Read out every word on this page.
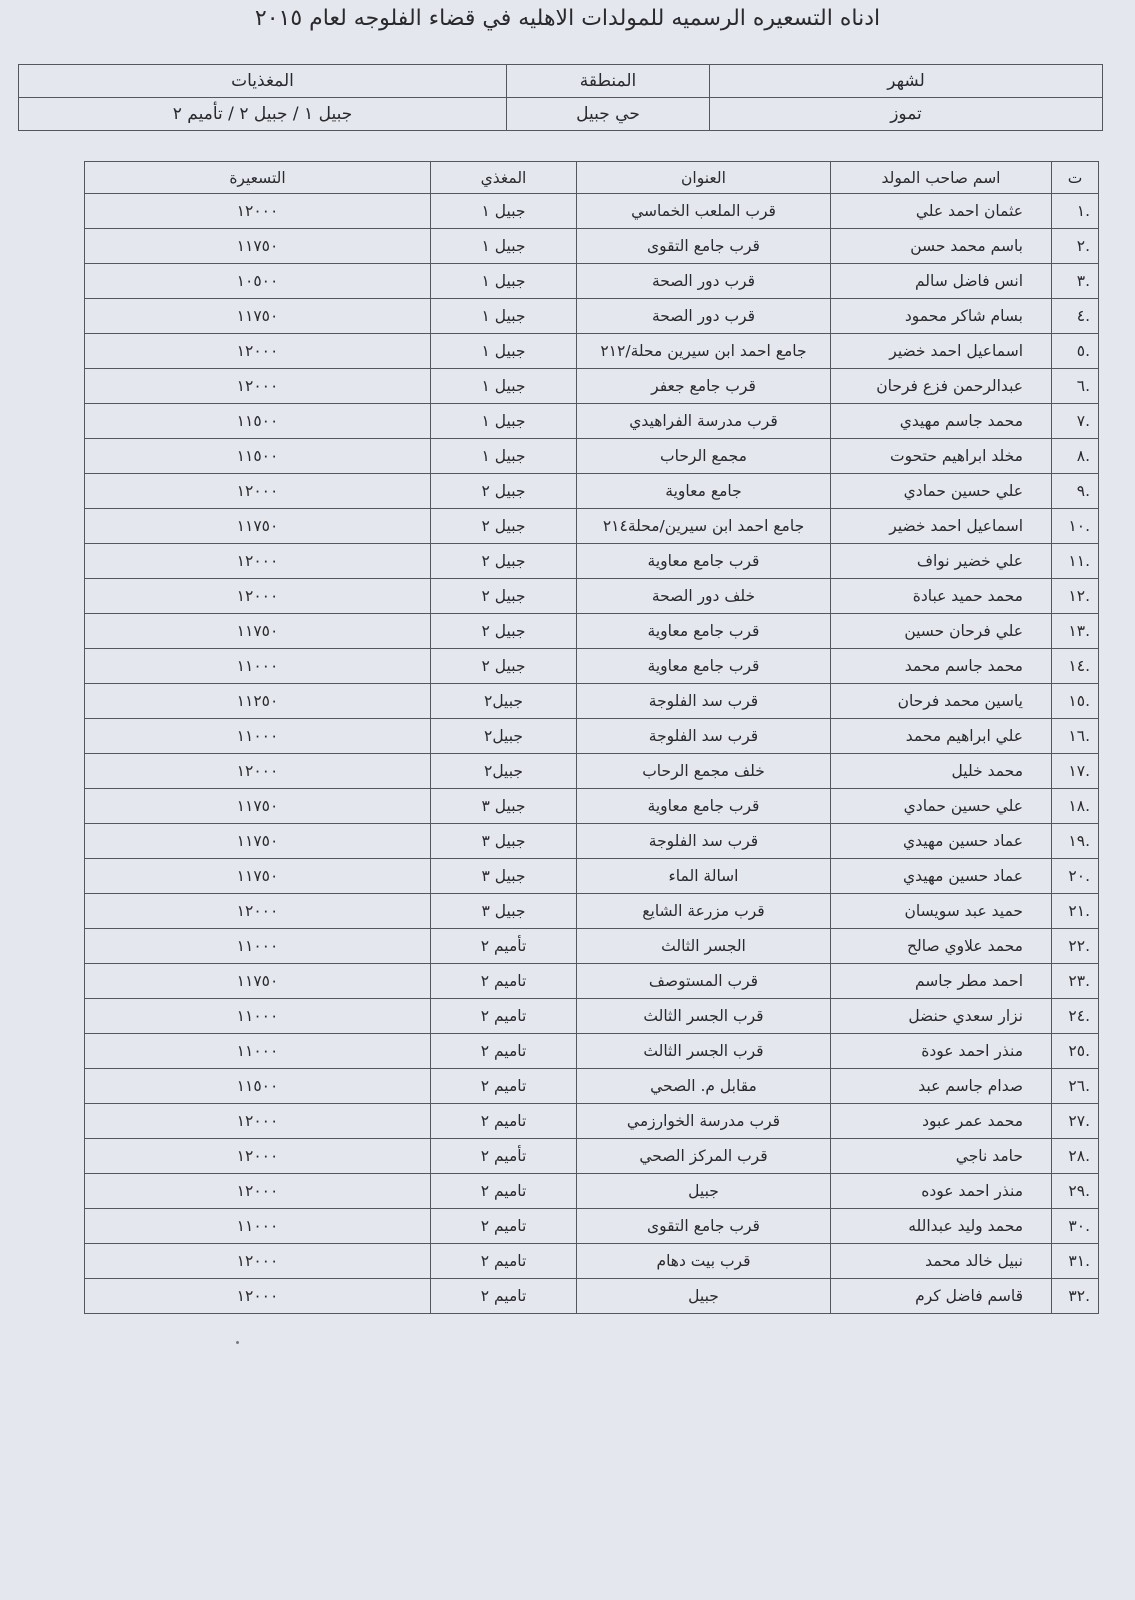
ادناه التسعيره الرسميه للمولدات الاهليه في قضاء الفلوجه لعام ٢٠١٥
لشهر	المنطقة	المغذيات
تموز	حي جبيل	جبيل ١ / جبيل ٢ / تأميم ٢
ت	اسم صاحب المولد	العنوان	المغذي	التسعيرة
.١	عثمان احمد علي	قرب الملعب الخماسي	جبيل ١	١٢٠٠٠
.٢	باسم محمد حسن	قرب جامع التقوى	جبيل ١	١١٧٥٠
.٣	انس فاضل سالم	قرب دور الصحة	جبيل ١	١٠٥٠٠
.٤	بسام شاكر محمود	قرب دور الصحة	جبيل ١	١١٧٥٠
.٥	اسماعيل احمد خضير	جامع احمد ابن سيرين محلة/٢١٢	جبيل ١	١٢٠٠٠
.٦	عبدالرحمن فزع فرحان	قرب جامع جعفر	جبيل ١	١٢٠٠٠
.٧	محمد جاسم مهيدي	قرب مدرسة الفراهيدي	جبيل ١	١١٥٠٠
.٨	مخلد ابراهيم حتحوت	مجمع الرحاب	جبيل ١	١١٥٠٠
.٩	علي حسين حمادي	جامع معاوية	جبيل ٢	١٢٠٠٠
.١٠	اسماعيل احمد خضير	جامع احمد ابن سيرين/محلة٢١٤	جبيل ٢	١١٧٥٠
.١١	علي خضير نواف	قرب جامع معاوية	جبيل ٢	١٢٠٠٠
.١٢	محمد حميد عبادة	خلف دور الصحة	جبيل ٢	١٢٠٠٠
.١٣	علي فرحان حسين	قرب جامع معاوية	جبيل ٢	١١٧٥٠
.١٤	محمد جاسم محمد	قرب جامع معاوية	جبيل ٢	١١٠٠٠
.١٥	ياسين محمد فرحان	قرب سد الفلوجة	جبيل٢	١١٢٥٠
.١٦	علي ابراهيم محمد	قرب سد الفلوجة	جبيل٢	١١٠٠٠
.١٧	محمد خليل	خلف مجمع الرحاب	جبيل٢	١٢٠٠٠
.١٨	علي حسين حمادي	قرب جامع معاوية	جبيل ٣	١١٧٥٠
.١٩	عماد حسين مهيدي	قرب سد الفلوجة	جبيل ٣	١١٧٥٠
.٢٠	عماد حسين مهيدي	اسالة الماء	جبيل ٣	١١٧٥٠
.٢١	حميد عبد سويسان	قرب مزرعة الشايع	جبيل ٣	١٢٠٠٠
.٢٢	محمد علاوي صالح	الجسر الثالث	تأميم ٢	١١٠٠٠
.٢٣	احمد مطر جاسم	قرب المستوصف	تاميم ٢	١١٧٥٠
.٢٤	نزار سعدي حنضل	قرب الجسر الثالث	تاميم ٢	١١٠٠٠
.٢٥	منذر احمد عودة	قرب الجسر الثالث	تاميم ٢	١١٠٠٠
.٢٦	صدام جاسم عبد	مقابل م. الصحي	تاميم ٢	١١٥٠٠
.٢٧	محمد عمر عبود	قرب مدرسة الخوارزمي	تاميم ٢	١٢٠٠٠
.٢٨	حامد ناجي	قرب المركز الصحي	تأميم ٢	١٢٠٠٠
.٢٩	منذر احمد عوده	جبيل	تاميم ٢	١٢٠٠٠
.٣٠	محمد وليد عبدالله	قرب جامع التقوى	تاميم ٢	١١٠٠٠
.٣١	نبيل خالد محمد	قرب بيت دهام	تاميم ٢	١٢٠٠٠
.٣٢	قاسم فاضل كرم	جبيل	تاميم ٢	١٢٠٠٠
